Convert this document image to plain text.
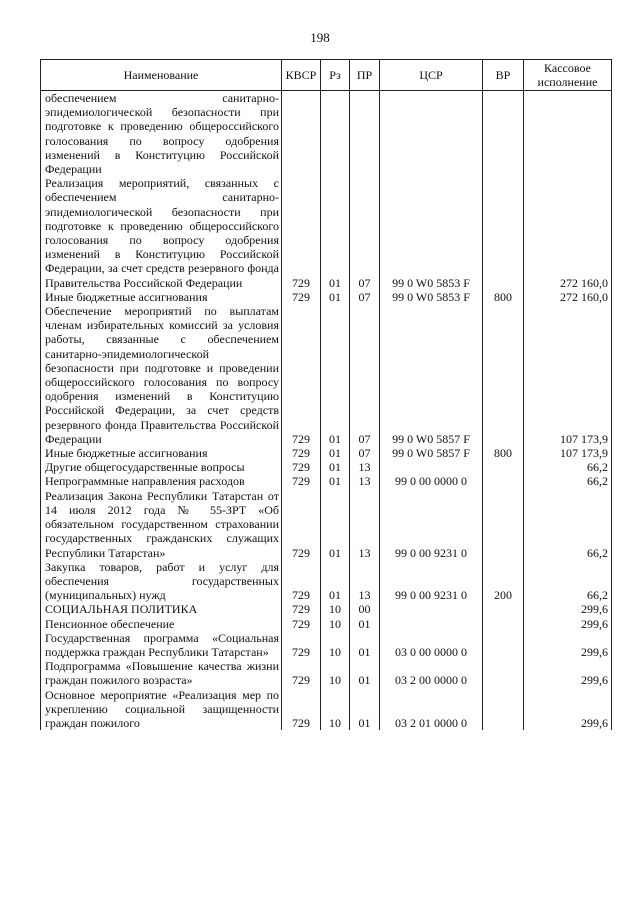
198
Наименование	КВСР	Рз	ПР	ЦСР	ВР	Кассовое исполнение
обеспечением санитарно-эпидемиологической безопасности при подготовке к проведению общероссийского голосования по вопросу одобрения изменений в Конституцию Российской Федерации						
Реализация мероприятий, связанных с обеспечением санитарно-эпидемиологической безопасности при подготовке к проведению общероссийского голосования по вопросу одобрения изменений в Конституцию Российской Федерации, за счет средств резервного фонда Правительства Российской Федерации	729	01	07	99 0 W0 5853 F		272 160,0
Иные бюджетные ассигнования	729	01	07	99 0 W0 5853 F	800	272 160,0
Обеспечение мероприятий по выплатам членам избирательных комиссий за условия работы, связанные с обеспечением санитарно-эпидемиологической безопасности при подготовке и проведении общероссийского голосования по вопросу одобрения изменений в Конституцию Российской Федерации, за счет средств резервного фонда Правительства Российской Федерации	729	01	07	99 0 W0 5857 F		107 173,9
Иные бюджетные ассигнования	729	01	07	99 0 W0 5857 F	800	107 173,9
Другие общегосударственные вопросы	729	01	13			66,2
Непрограммные направления расходов	729	01	13	99 0 00 0000 0		66,2
Реализация Закона Республики Татарстан от 14 июля 2012 года № 55-ЗРТ «Об обязательном государственном страховании государственных гражданских служащих Республики Татарстан»	729	01	13	99 0 00 9231 0		66,2
Закупка товаров, работ и услуг для обеспечения государственных (муниципальных) нужд	729	01	13	99 0 00 9231 0	200	66,2
СОЦИАЛЬНАЯ ПОЛИТИКА	729	10	00			299,6
Пенсионное обеспечение	729	10	01			299,6
Государственная программа «Социальная поддержка граждан Республики Татарстан»	729	10	01	03 0 00 0000 0		299,6
Подпрограмма «Повышение качества жизни граждан пожилого возраста»	729	10	01	03 2 00 0000 0		299,6
Основное мероприятие «Реализация мер по укреплению социальной защищенности граждан пожилого	729	10	01	03 2 01 0000 0		299,6
